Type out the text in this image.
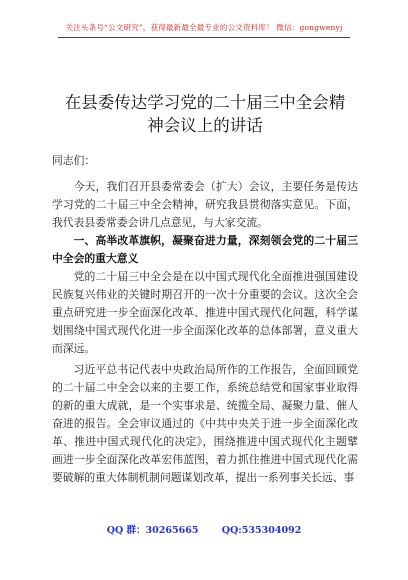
关注头条号“公文研究”，获得最新最全最专业的公文资料库！ 微信：gongwenyj
在县委传达学习党的二十届三中全会精神会议上的讲话

同志们：

今天，我们召开县委常委会（扩大）会议，主要任务是传达学习党的二十届三中全会精神，研究我县贯彻落实意见。下面，我代表县委常委会讲几点意见，与大家交流。

一、高举改革旗帜，凝聚奋进力量，深刻领会党的二十届三中全会的重大意义

党的二十届三中全会是在以中国式现代化全面推进强国建设民族复兴伟业的关键时期召开的一次十分重要的会议。这次全会重点研究进一步全面深化改革、推进中国式现代化问题，科学谋划围绕中国式现代化进一步全面深化改革的总体部署，意义重大而深远。

习近平总书记代表中央政治局所作的工作报告，全面回顾党的二十届二中全会以来的主要工作，系统总结党和国家事业取得的新的重大成就，是一个实事求是、统揽全局、凝聚力量、催人奋进的报告。全会审议通过的《中共中央关于进一步全面深化改革、推进中国式现代化的决定》，围绕推进中国式现代化主题擘画进一步全面深化改革宏伟蓝图，着力抓住推进中国式现代化需要破解的重大体制机制问题谋划改革，提出一系列事关长远、事

QQ 群：30265665 QQ:535304092
